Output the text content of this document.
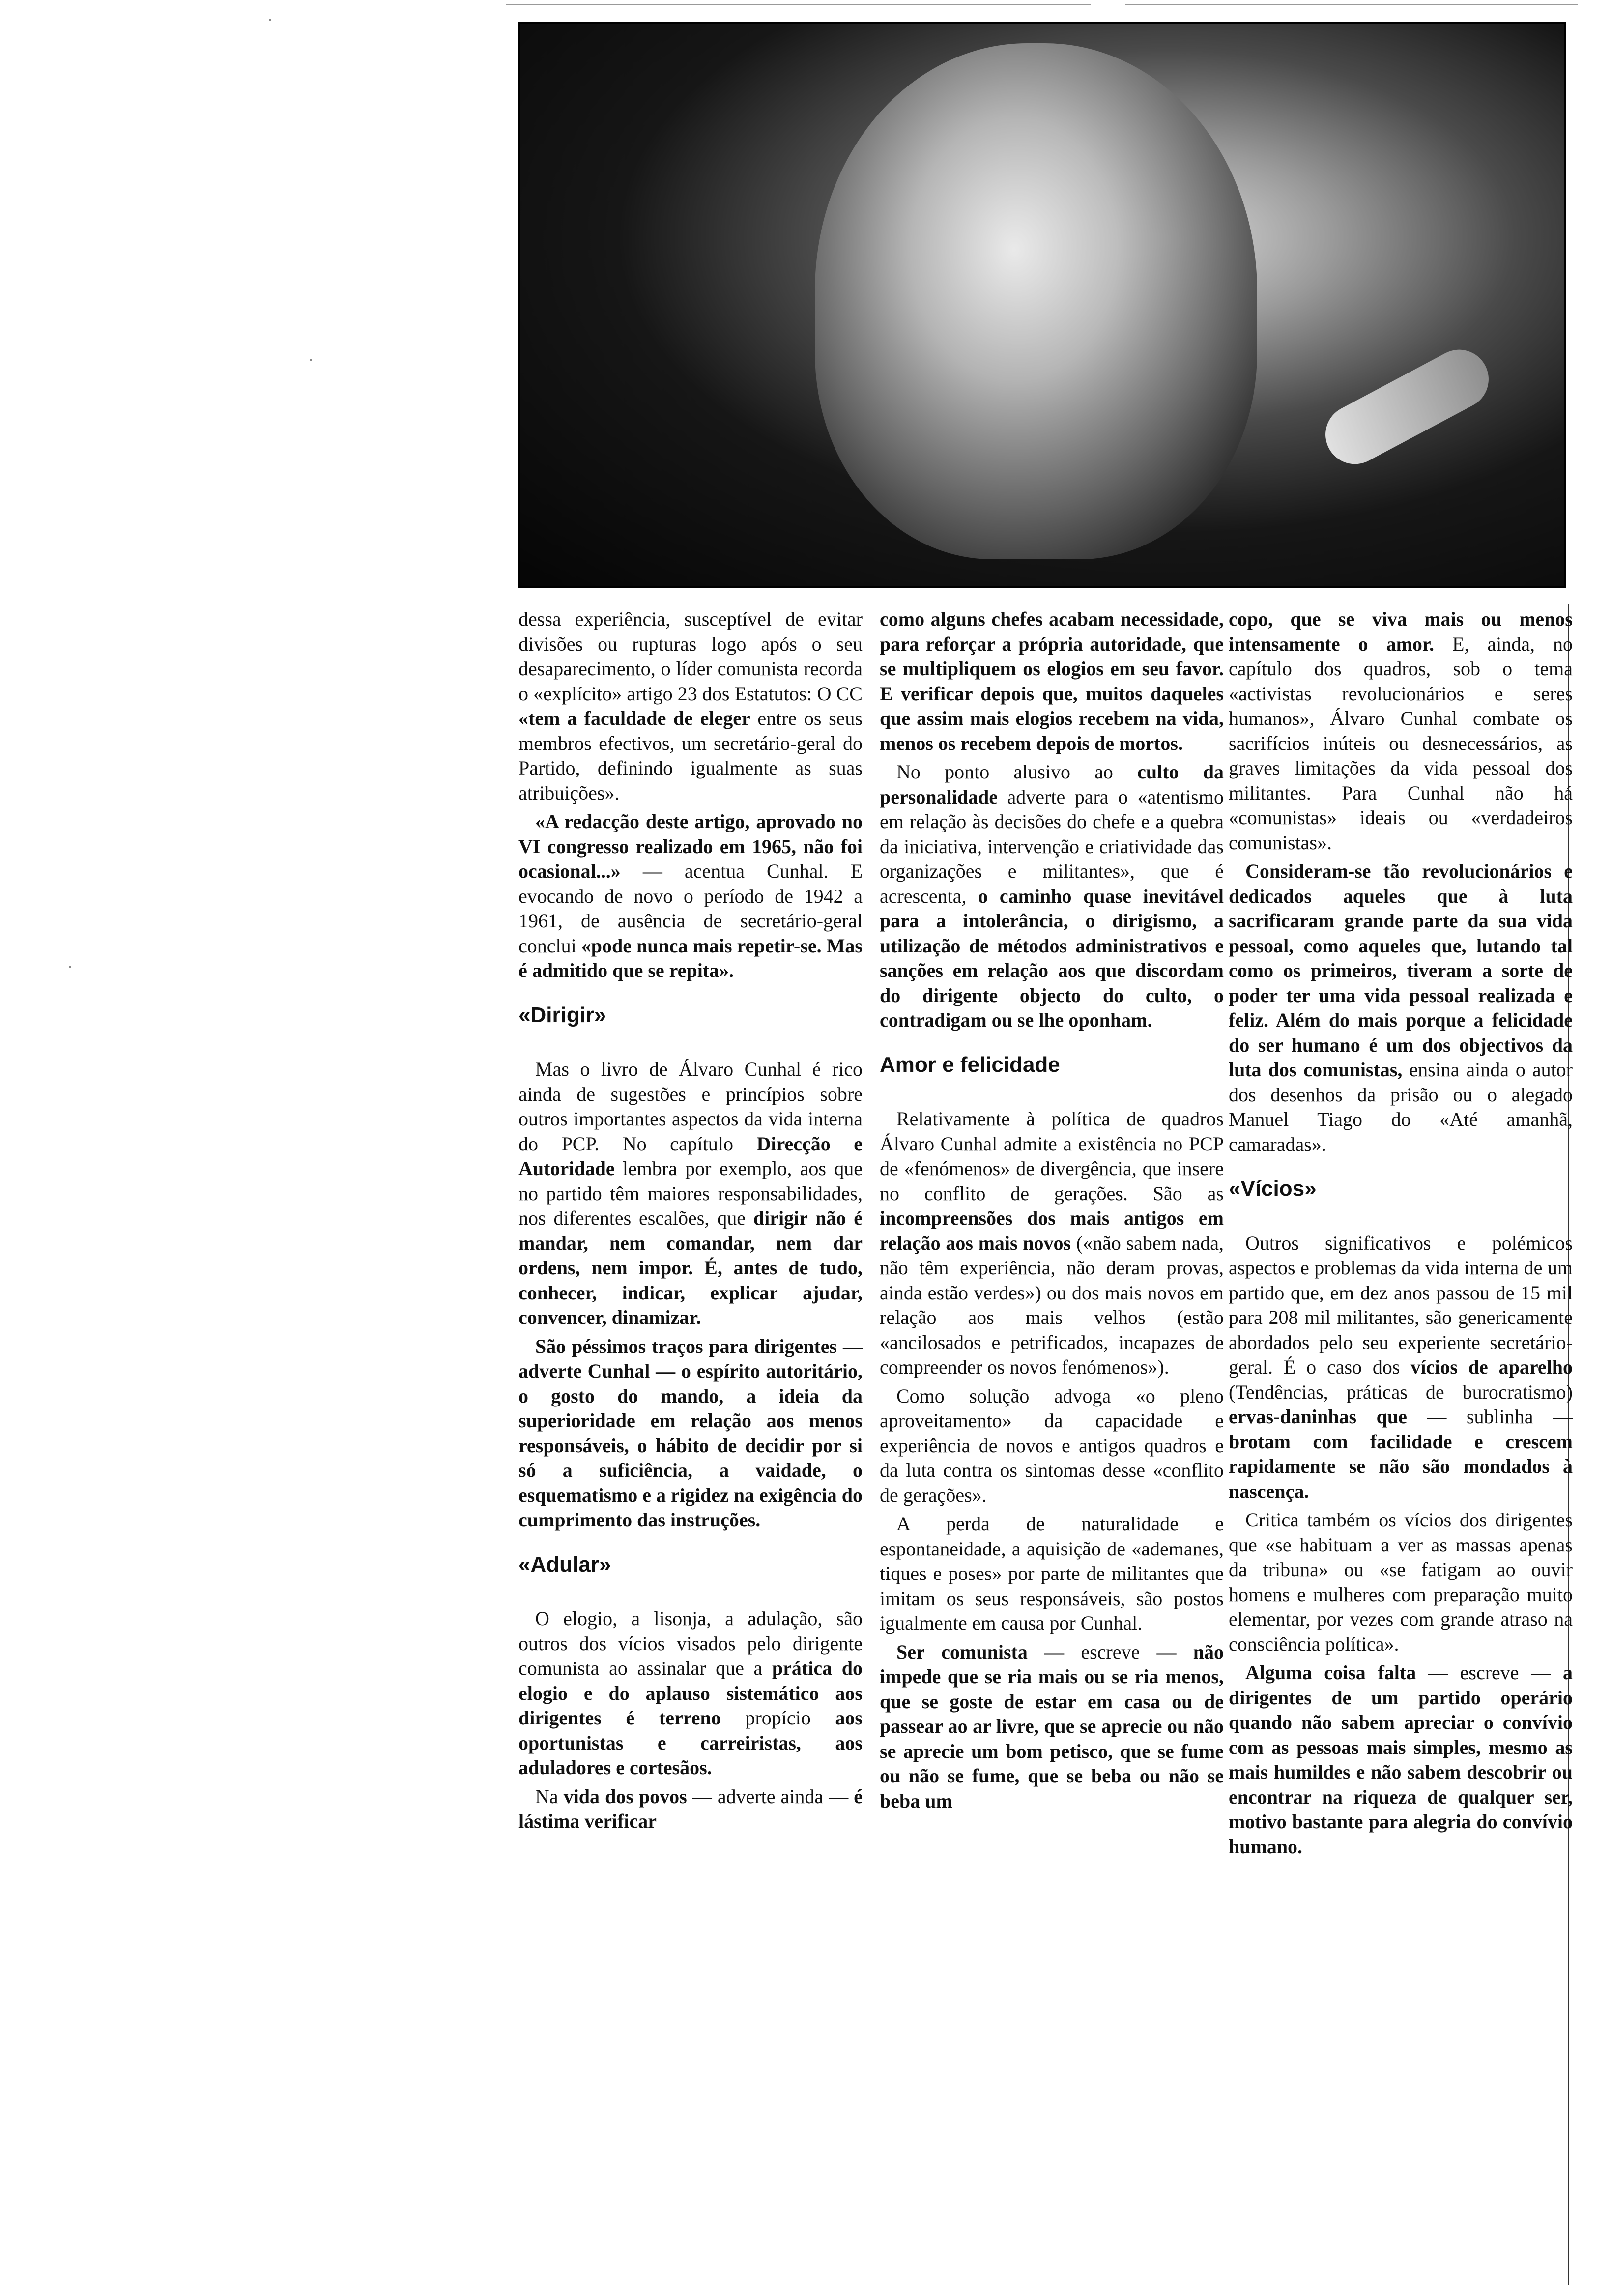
dessa experiência, susceptível de evitar divisões ou rupturas logo após o seu desaparecimento, o líder comunista recorda o «explícito» artigo 23 dos Estatutos: O CC «tem a faculdade de eleger entre os seus membros efectivos, um secretário-geral do Partido, definindo igualmente as suas atribuições».

«A redacção deste artigo, aprovado no VI congresso realizado em 1965, não foi ocasional...» — acentua Cunhal. E evocando de novo o período de 1942 a 1961, de ausência de secretário-geral conclui «pode nunca mais repetir-se. Mas é admitido que se repita».

«Dirigir»

Mas o livro de Álvaro Cunhal é rico ainda de sugestões e princípios sobre outros importantes aspectos da vida interna do PCP. No capítulo Direcção e Autoridade lembra por exemplo, aos que no partido têm maiores responsabilidades, nos diferentes escalões, que dirigir não é mandar, nem comandar, nem dar ordens, nem impor. É, antes de tudo, conhecer, indicar, explicar ajudar, convencer, dinamizar.

São péssimos traços para dirigentes — adverte Cunhal — o espírito autoritário, o gosto do mando, a ideia da superioridade em relação aos menos responsáveis, o hábito de decidir por si só a suficiência, a vaidade, o esquematismo e a rigidez na exigência do cumprimento das instruções.

«Adular»

O elogio, a lisonja, a adulação, são outros dos vícios visados pelo dirigente comunista ao assinalar que a prática do elogio e do aplauso sistemático aos dirigentes é terreno propício aos oportunistas e carreiristas, aos aduladores e cortesãos.

Na vida dos povos — adverte ainda — é lástima verificar

como alguns chefes acabam necessidade, para reforçar a própria autoridade, que se multipliquem os elogios em seu favor. E verificar depois que, muitos daqueles que assim mais elogios recebem na vida, menos os recebem depois de mortos.

No ponto alusivo ao culto da personalidade adverte para o «atentismo em relação às decisões do chefe e a quebra da iniciativa, intervenção e criatividade das organizações e militantes», que é acrescenta, o caminho quase inevitável para a intolerância, o dirigismo, a utilização de métodos administrativos e sanções em relação aos que discordam do dirigente objecto do culto, o contradigam ou se lhe oponham.

Amor e felicidade

Relativamente à política de quadros Álvaro Cunhal admite a existência no PCP de «fenómenos» de divergência, que insere no conflito de gerações. São as incompreensões dos mais antigos em relação aos mais novos («não sabem nada, não têm experiência, não deram provas, ainda estão verdes») ou dos mais novos em relação aos mais velhos (estão «ancilosados e petrificados, incapazes de compreender os novos fenómenos»).

Como solução advoga «o pleno aproveitamento» da capacidade e experiência de novos e antigos quadros e da luta contra os sintomas desse «conflito de gerações».

A perda de naturalidade e espontaneidade, a aquisição de «ademanes, tiques e poses» por parte de militantes que imitam os seus responsáveis, são postos igualmente em causa por Cunhal.

Ser comunista — escreve — não impede que se ria mais ou se ria menos, que se goste de estar em casa ou de passear ao ar livre, que se aprecie ou não se aprecie um bom petisco, que se fume ou não se fume, que se beba ou não se beba um

copo, que se viva mais ou menos intensamente o amor. E, ainda, no capítulo dos quadros, sob o tema «activistas revolucionários e seres humanos», Álvaro Cunhal combate os sacrifícios inúteis ou desnecessários, as graves limitações da vida pessoal dos militantes. Para Cunhal não há «comunistas» ideais ou «verdadeiros comunistas».

Consideram-se tão revolucionários e dedicados aqueles que à luta sacrificaram grande parte da sua vida pessoal, como aqueles que, lutando tal como os primeiros, tiveram a sorte de poder ter uma vida pessoal realizada e feliz. Além do mais porque a felicidade do ser humano é um dos objectivos da luta dos comunistas, ensina ainda o autor dos desenhos da prisão ou o alegado Manuel Tiago do «Até amanhã, camaradas».

«Vícios»

Outros significativos e polémicos aspectos e problemas da vida interna de um partido que, em dez anos passou de 15 mil para 208 mil militantes, são genericamente abordados pelo seu experiente secretário-geral. É o caso dos vícios de aparelho (Tendências, práticas de burocratismo) ervas-daninhas que — sublinha — brotam com facilidade e crescem rapidamente se não são mondados à nascença.

Critica também os vícios dos dirigentes que «se habituam a ver as massas apenas da tribuna» ou «se fatigam ao ouvir homens e mulheres com preparação muito elementar, por vezes com grande atraso na consciência política».

Alguma coisa falta — escreve — a dirigentes de um partido operário quando não sabem apreciar o convívio com as pessoas mais simples, mesmo as mais humildes e não sabem descobrir ou encontrar na riqueza de qualquer ser, motivo bastante para alegria do convívio humano.
